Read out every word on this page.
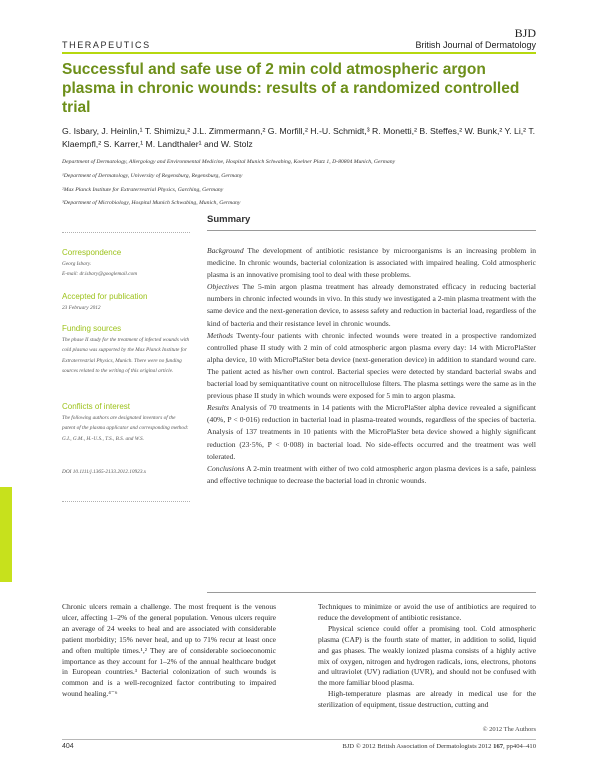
THERAPEUTICS
BJD
British Journal of Dermatology
Successful and safe use of 2 min cold atmospheric argon plasma in chronic wounds: results of a randomized controlled trial

G. Isbary, J. Heinlin,¹ T. Shimizu,² J.L. Zimmermann,² G. Morfill,² H.-U. Schmidt,³ R. Monetti,² B. Steffes,² W. Bunk,² Y. Li,² T. Klaempfl,² S. Karrer,¹ M. Landthaler¹ and W. Stolz

Department of Dermatology, Allergology and Environmental Medicine, Hospital Munich Schwabing, Koelner Platz 1, D-80804 Munich, Germany
¹Department of Dermatology, University of Regensburg, Regensburg, Germany
²Max Planck Institute for Extraterrestrial Physics, Garching, Germany
³Department of Microbiology, Hospital Munich Schwabing, Munich, Germany
Summary

Correspondence

Georg Isbary.

E-mail: dr.isbary@googlemail.com

Accepted for publication

23 February 2012

Funding sources

The phase II study for the treatment of infected wounds with cold plasma was supported by the Max Planck Institute for Extraterrestrial Physics, Munich. There were no funding sources related to the writing of this original article.

Conflicts of interest

The following authors are designated inventors of the patent of the plasma applicator and corresponding method: G.I., G.M., H.-U.S., T.S., B.S. and W.S.

DOI 10.1111/j.1365-2133.2012.10923.x

Background The development of antibiotic resistance by microorganisms is an increasing problem in medicine. In chronic wounds, bacterial colonization is associated with impaired healing. Cold atmospheric plasma is an innovative promising tool to deal with these problems.

Objectives The 5-min argon plasma treatment has already demonstrated efficacy in reducing bacterial numbers in chronic infected wounds in vivo. In this study we investigated a 2-min plasma treatment with the same device and the next-generation device, to assess safety and reduction in bacterial load, regardless of the kind of bacteria and their resistance level in chronic wounds.

Methods Twenty-four patients with chronic infected wounds were treated in a prospective randomized controlled phase II study with 2 min of cold atmospheric argon plasma every day: 14 with MicroPlaSter alpha device, 10 with MicroPlaSter beta device (next-generation device) in addition to standard wound care. The patient acted as his/her own control. Bacterial species were detected by standard bacterial swabs and bacterial load by semiquantitative count on nitrocellulose filters. The plasma settings were the same as in the previous phase II study in which wounds were exposed for 5 min to argon plasma.

Results Analysis of 70 treatments in 14 patients with the MicroPlaSter alpha device revealed a significant (40%, P < 0·016) reduction in bacterial load in plasma-treated wounds, regardless of the species of bacteria. Analysis of 137 treatments in 10 patients with the MicroPlaSter beta device showed a highly significant reduction (23·5%, P < 0·008) in bacterial load. No side-effects occurred and the treatment was well tolerated.

Conclusions A 2-min treatment with either of two cold atmospheric argon plasma devices is a safe, painless and effective technique to decrease the bacterial load in chronic wounds.

Chronic ulcers remain a challenge. The most frequent is the venous ulcer, affecting 1–2% of the general population. Venous ulcers require an average of 24 weeks to heal and are associated with considerable patient morbidity; 15% never heal, and up to 71% recur at least once and often multiple times.¹,² They are of considerable socioeconomic importance as they account for 1–2% of the annual healthcare budget in European countries.³ Bacterial colonization of such wounds is common and is a well-recognized factor contributing to impaired wound healing.⁴⁻⁶

Techniques to minimize or avoid the use of antibiotics are required to reduce the development of antibiotic resistance.

Physical science could offer a promising tool. Cold atmospheric plasma (CAP) is the fourth state of matter, in addition to solid, liquid and gas phases. The weakly ionized plasma consists of a highly active mix of oxygen, nitrogen and hydrogen radicals, ions, electrons, photons and ultraviolet (UV) radiation (UVR), and should not be confused with the more familiar blood plasma.

High-temperature plasmas are already in medical use for the sterilization of equipment, tissue destruction, cutting and

© 2012 The Authors
404	BJD © 2012 British Association of Dermatologists 2012 167, pp404–410
